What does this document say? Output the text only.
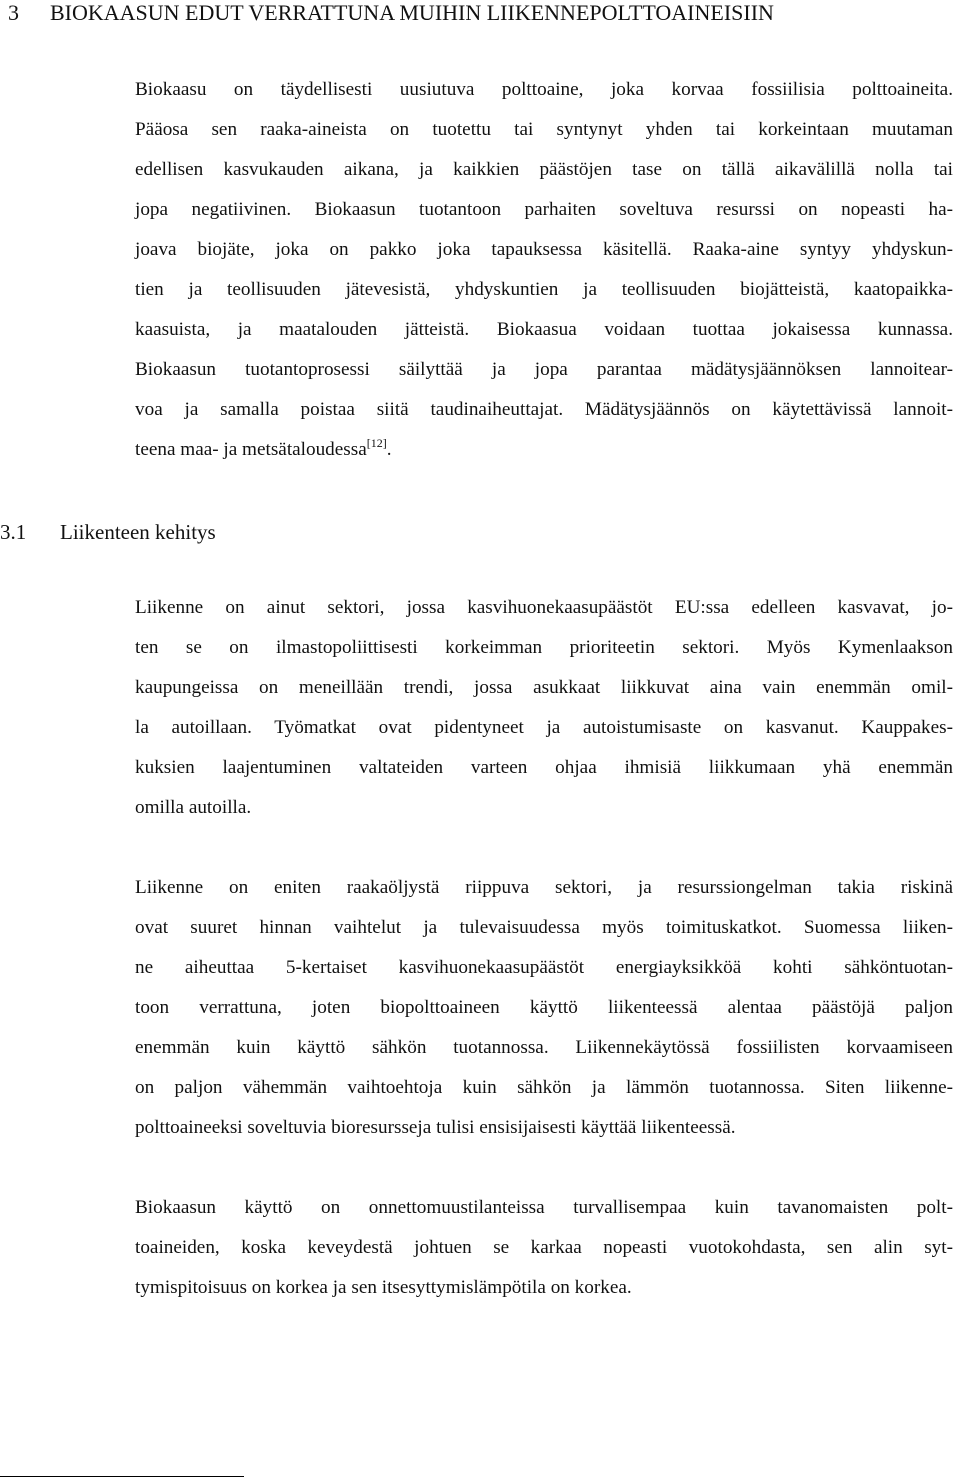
3 BIOKAASUN EDUT VERRATTUNA MUIHIN LIIKENNEPOLTTOAINEISIIN
Biokaasu on täydellisesti uusiutuva polttoaine, joka korvaa fossiilisia polttoaineita.
Pääosa sen raaka-aineista on tuotettu tai syntynyt yhden tai korkeintaan muutaman
edellisen kasvukauden aikana, ja kaikkien päästöjen tase on tällä aikavälillä nolla tai
jopa negatiivinen. Biokaasun tuotantoon parhaiten soveltuva resurssi on nopeasti ha-
joava biojäte, joka on pakko joka tapauksessa käsitellä. Raaka-aine syntyy yhdyskun-
tien ja teollisuuden jätevesistä, yhdyskuntien ja teollisuuden biojätteistä, kaatopaikka-
kaasuista, ja maatalouden jätteistä. Biokaasua voidaan tuottaa jokaisessa kunnassa.
Biokaasun tuotantoprosessi säilyttää ja jopa parantaa mädätysjäännöksen lannoitear-
voa ja samalla poistaa siitä taudinaiheuttajat. Mädätysjäännös on käytettävissä lannoit-
teena maa- ja metsätaloudessa[12].
3.1 Liikenteen kehitys
Liikenne on ainut sektori, jossa kasvihuonekaasupäästöt EU:ssa edelleen kasvavat, jo-
ten se on ilmastopoliittisesti korkeimman prioriteetin sektori. Myös Kymenlaakson
kaupungeissa on meneillään trendi, jossa asukkaat liikkuvat aina vain enemmän omil-
la autoillaan. Työmatkat ovat pidentyneet ja autoistumisaste on kasvanut. Kauppakes-
kuksien laajentuminen valtateiden varteen ohjaa ihmisiä liikkumaan yhä enemmän
omilla autoilla.
Liikenne on eniten raakaöljystä riippuva sektori, ja resurssiongelman takia riskinä
ovat suuret hinnan vaihtelut ja tulevaisuudessa myös toimituskatkot. Suomessa liiken-
ne aiheuttaa 5-kertaiset kasvihuonekaasupäästöt energiayksikköä kohti sähköntuotan-
toon verrattuna, joten biopolttoaineen käyttö liikenteessä alentaa päästöjä paljon
enemmän kuin käyttö sähkön tuotannossa. Liikennekäytössä fossiilisten korvaamiseen
on paljon vähemmän vaihtoehtoja kuin sähkön ja lämmön tuotannossa. Siten liikenne-
polttoaineeksi soveltuvia bioresursseja tulisi ensisijaisesti käyttää liikenteessä.
Biokaasun käyttö on onnettomuustilanteissa turvallisempaa kuin tavanomaisten polt-
toaineiden, koska keveydestä johtuen se karkaa nopeasti vuotokohdasta, sen alin syt-
tymispitoisuus on korkea ja sen itsesyttymislämpötila on korkea.
